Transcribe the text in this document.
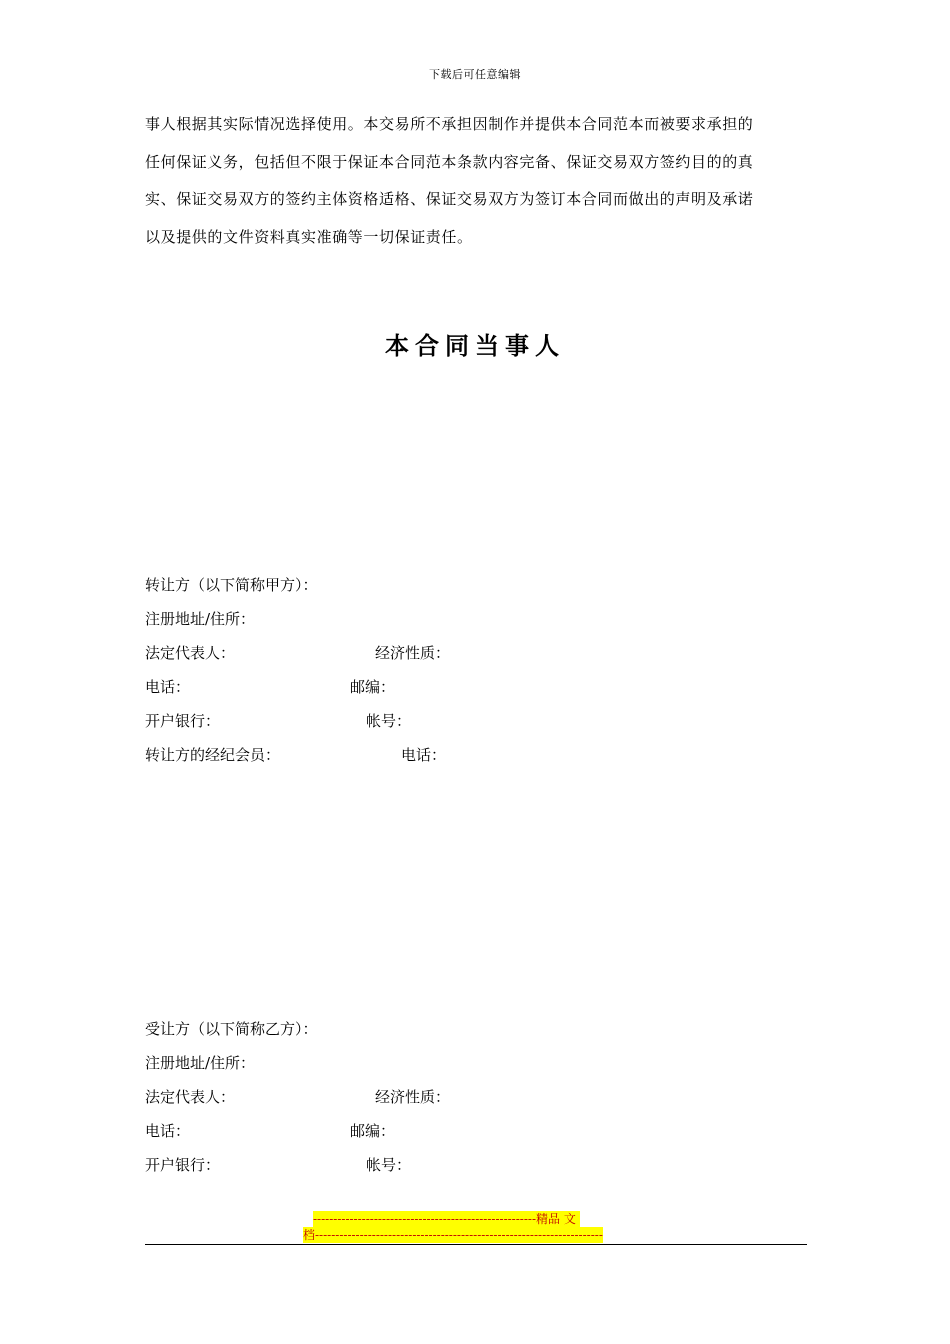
下载后可任意编辑
事人根据其实际情况选择使用。本交易所不承担因制作并提供本合同范本而被要求承担的
任何保证义务，包括但不限于保证本合同范本条款内容完备、保证交易双方签约目的的真
实、保证交易双方的签约主体资格适格、保证交易双方为签订本合同而做出的声明及承诺
以及提供的文件资料真实准确等一切保证责任。
本合同当事人
转让方（以下简称甲方）：
注册地址/住所：
法定代表人：	经济性质：
电话：	邮编：
开户银行：	帐号：
转让方的经纪会员：	电话：
受让方（以下简称乙方）：
注册地址/住所：
法定代表人：	经济性质：
电话：	邮编：
开户银行：	帐号：
-------------------------------------------------------精品 文
档-----------------------------------------------------------------------
